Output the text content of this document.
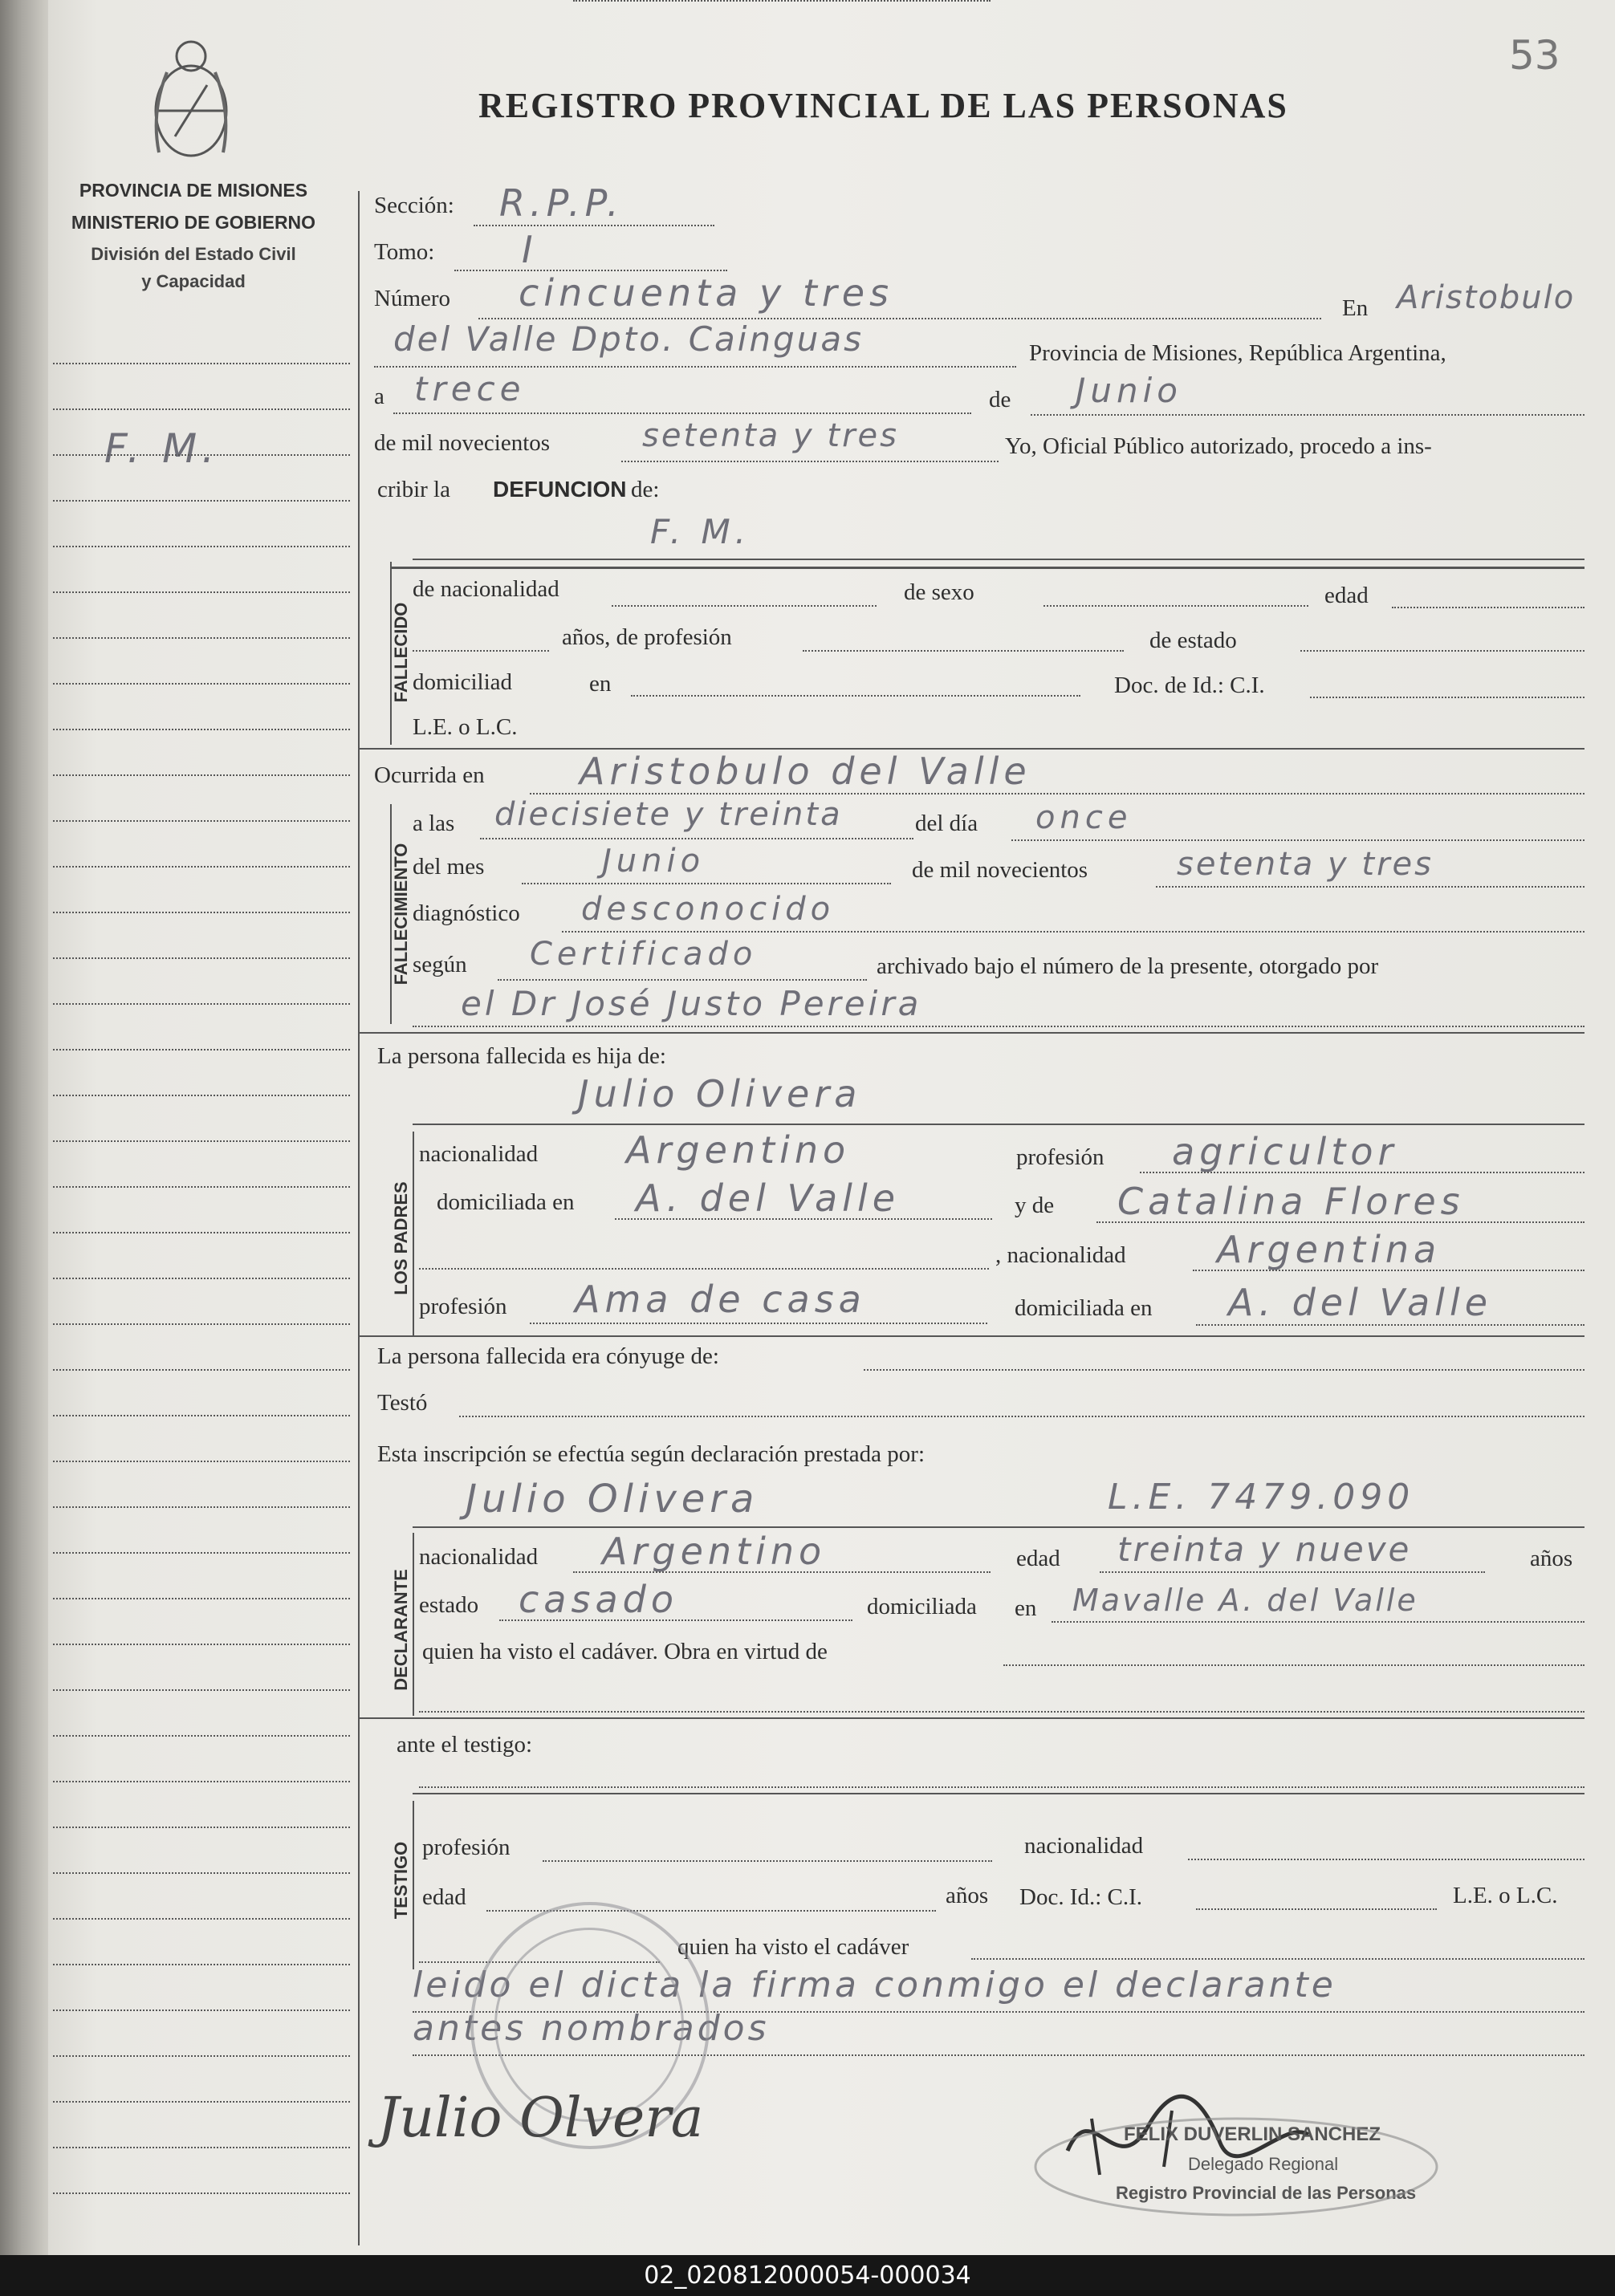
53
REGISTRO PROVINCIAL DE LAS PERSONAS
PROVINCIA DE MISIONES
MINISTERIO DE GOBIERNO
División del Estado Civil
y Capacidad
F. M.
Sección: R.P.P.
Tomo: I
Número cincuenta y tres	En Aristobulo
del Valle Dpto. Cainguas	Provincia de Misiones, República Argentina,
a trece	de Junio
de mil novecientos	setenta y tres	Yo, Oficial Público autorizado, procedo a ins-
cribir la DEFUNCION de:
FALLECIDO
F. M.
de nacionalidad	de sexo	edad
años, de profesión	de estado
domiciliad	en	Doc. de Id.: C.I.
L.E. o L.C.
Ocurrida en	Aristobulo del Valle
FALLECIMIENTO
a las diecisiete y treinta	del día once
del mes	Junio	de mil novecientos	setenta y tres
diagnóstico desconocido
según Certificado	archivado bajo el número de la presente, otorgado por
el Dr José Justo Pereira
La persona fallecida es hija de:
Julio Olivera
LOS PADRES
nacionalidad Argentino	profesión agricultor
domiciliada en A. del Valle	y de Catalina Flores
, nacionalidad Argentina
profesión Ama de casa	domiciliada en A. del Valle
La persona fallecida era cónyuge de:
Testó
Esta inscripción se efectúa según declaración prestada por:
Julio Olivera	L.E. 7479.090
DECLARANTE
nacionalidad Argentino	edad treinta y nueve	años
estado casado	domiciliada en Mavalle A. del Valle
quien ha visto el cadáver. Obra en virtud de
ante el testigo:
TESTIGO profesión	nacionalidad
edad	años Doc. Id.: C.I.	L.E. o L.C.
quien ha visto el cadáver
leido el dicta la firma conmigo el declarante
antes nombrados
Julio Olvera	FELIX DUVERLIN SANCHEZ
Delegado Regional
Registro Provincial de las Personas
02_020812000054-000034
